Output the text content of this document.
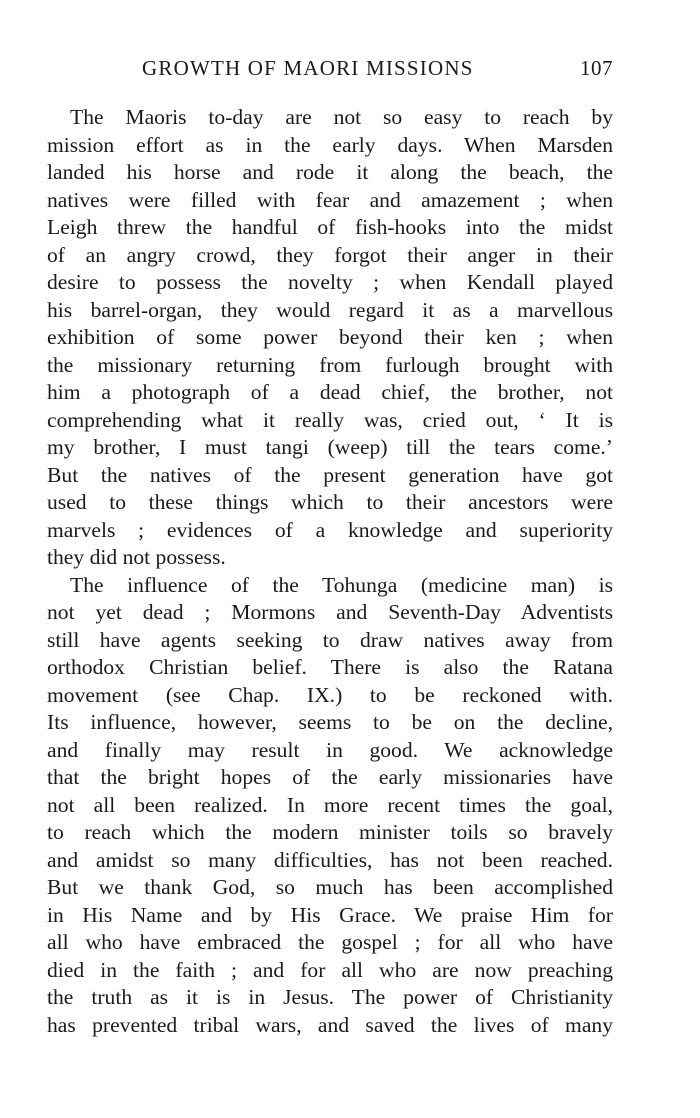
GROWTH OF MAORI MISSIONS	107
The Maoris to-day are not so easy to reach by
mission effort as in the early days. When Marsden
landed his horse and rode it along the beach, the
natives were filled with fear and amazement ; when
Leigh threw the handful of fish-hooks into the midst
of an angry crowd, they forgot their anger in their
desire to possess the novelty ; when Kendall played
his barrel-organ, they would regard it as a marvellous
exhibition of some power beyond their ken ; when
the missionary returning from furlough brought with
him a photograph of a dead chief, the brother, not
comprehending what it really was, cried out, ‘ It is
my brother, I must tangi (weep) till the tears come.’
But the natives of the present generation have got
used to these things which to their ancestors were
marvels ; evidences of a knowledge and superiority
they did not possess.
The influence of the Tohunga (medicine man) is
not yet dead ; Mormons and Seventh-Day Adventists
still have agents seeking to draw natives away from
orthodox Christian belief. There is also the Ratana
movement (see Chap. IX.) to be reckoned with.
Its influence, however, seems to be on the decline,
and finally may result in good. We acknowledge
that the bright hopes of the early missionaries have
not all been realized. In more recent times the goal,
to reach which the modern minister toils so bravely
and amidst so many difficulties, has not been reached.
But we thank God, so much has been accomplished
in His Name and by His Grace. We praise Him for
all who have embraced the gospel ; for all who have
died in the faith ; and for all who are now preaching
the truth as it is in Jesus. The power of Christianity
has prevented tribal wars, and saved the lives of many
